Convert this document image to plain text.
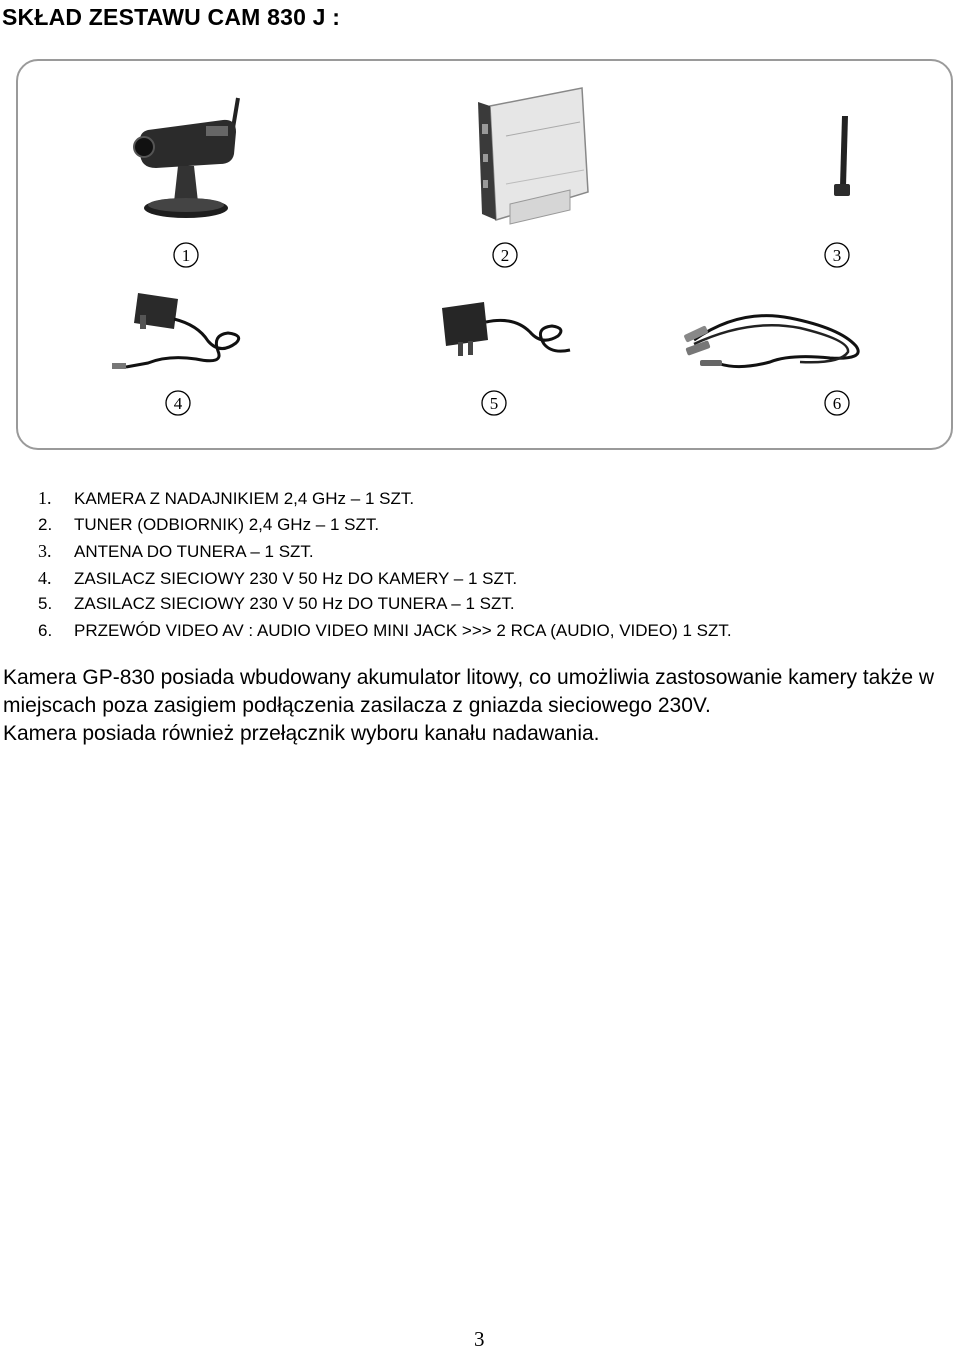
SKŁAD ZESTAWU CAM 830 J :
1	2	3
4	5	6
1. KAMERA Z NADAJNIKIEM 2,4 GHz – 1 SZT.
2. TUNER (ODBIORNIK) 2,4 GHz – 1 SZT.
3. ANTENA DO TUNERA – 1 SZT.
4. ZASILACZ SIECIOWY 230 V 50 Hz DO KAMERY – 1 SZT.
5. ZASILACZ SIECIOWY 230 V 50 Hz DO TUNERA – 1 SZT.
6. PRZEWÓD VIDEO AV : AUDIO VIDEO MINI JACK >>> 2 RCA (AUDIO, VIDEO) 1 SZT.
Kamera GP-830 posiada wbudowany akumulator litowy, co umożliwia zastosowanie kamery także w miejscach poza zasigiem podłączenia zasilacza z gniazda sieciowego 230V.
Kamera posiada również przełącznik wyboru kanału nadawania.
3
